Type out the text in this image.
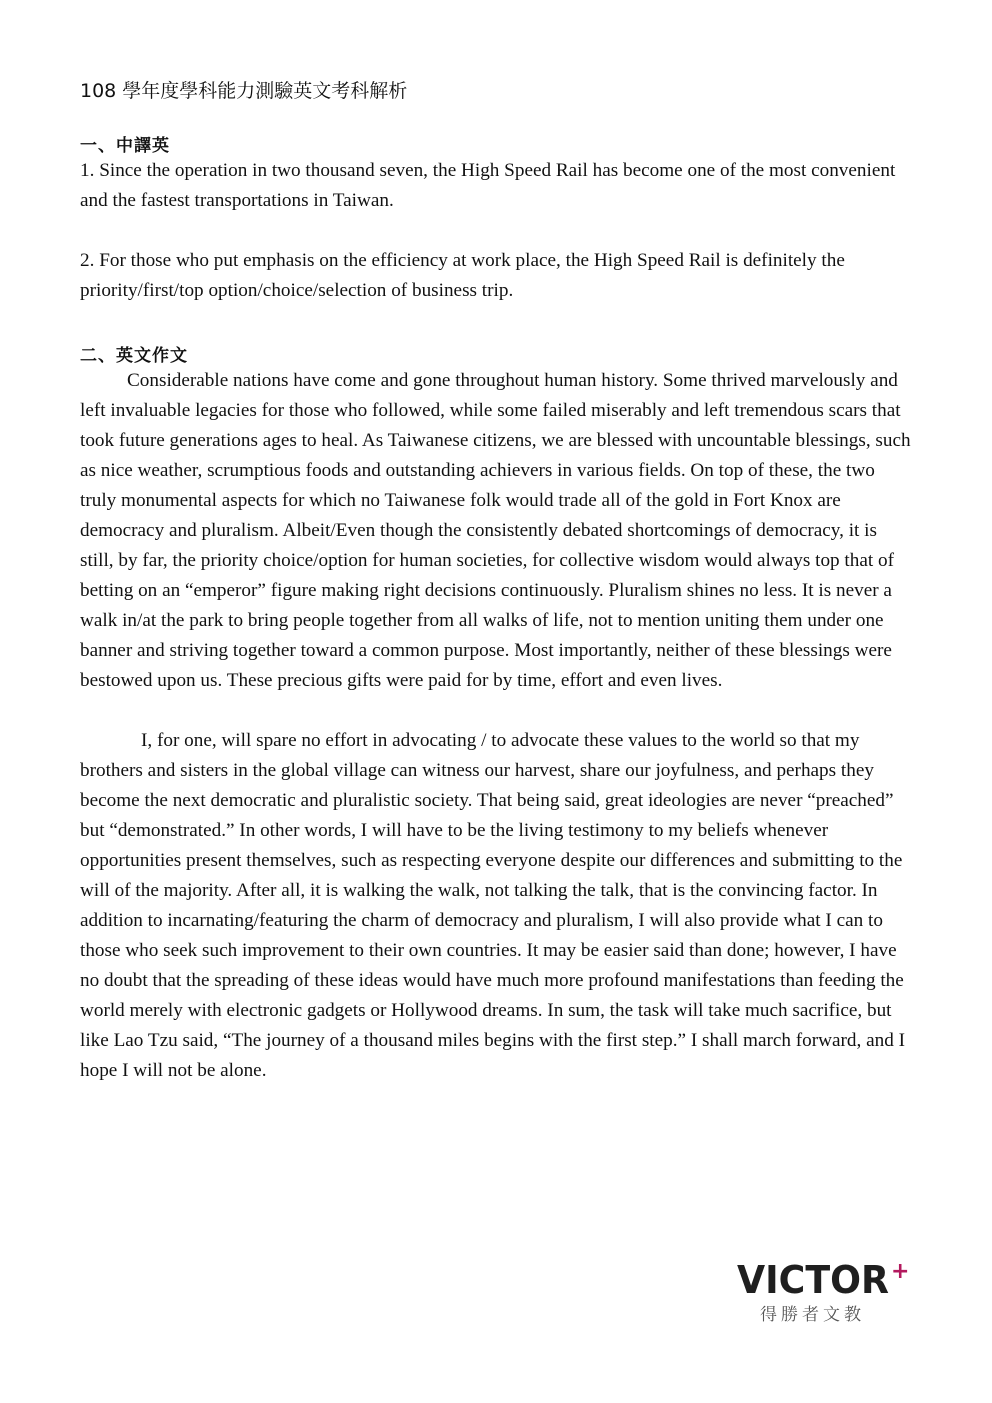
108 學年度學科能力測驗英文考科解析
一、中譯英

1. Since the operation in two thousand seven, the High Speed Rail has become one of the most convenient and the fastest transportations in Taiwan.

2. For those who put emphasis on the efficiency at work place, the High Speed Rail is definitely the priority/first/top option/choice/selection of business trip.

二、英文作文

Considerable nations have come and gone throughout human history. Some thrived marvelously and left invaluable legacies for those who followed, while some failed miserably and left tremendous scars that took future generations ages to heal. As Taiwanese citizens, we are blessed with uncountable blessings, such as nice weather, scrumptious foods and outstanding achievers in various fields. On top of these, the two truly monumental aspects for which no Taiwanese folk would trade all of the gold in Fort Knox are democracy and pluralism. Albeit/Even though the consistently debated shortcomings of democracy, it is still, by far, the priority choice/option for human societies, for collective wisdom would always top that of betting on an “emperor” figure making right decisions continuously. Pluralism shines no less. It is never a walk in/at the park to bring people together from all walks of life, not to mention uniting them under one banner and striving together toward a common purpose. Most importantly, neither of these blessings were bestowed upon us. These precious gifts were paid for by time, effort and even lives.

I, for one, will spare no effort in advocating / to advocate these values to the world so that my brothers and sisters in the global village can witness our harvest, share our joyfulness, and perhaps they become the next democratic and pluralistic society. That being said, great ideologies are never “preached” but “demonstrated.” In other words, I will have to be the living testimony to my beliefs whenever opportunities present themselves, such as respecting everyone despite our differences and submitting to the will of the majority. After all, it is walking the walk, not talking the talk, that is the convincing factor. In addition to incarnating/featuring the charm of democracy and pluralism, I will also provide what I can to those who seek such improvement to their own countries. It may be easier said than done; however, I have no doubt that the spreading of these ideas would have much more profound manifestations than feeding the world merely with electronic gadgets or Hollywood dreams. In sum, the task will take much sacrifice, but like Lao Tzu said, “The journey of a thousand miles begins with the first step.” I shall march forward, and I hope I will not be alone.

VICTOR +
得勝者文教
